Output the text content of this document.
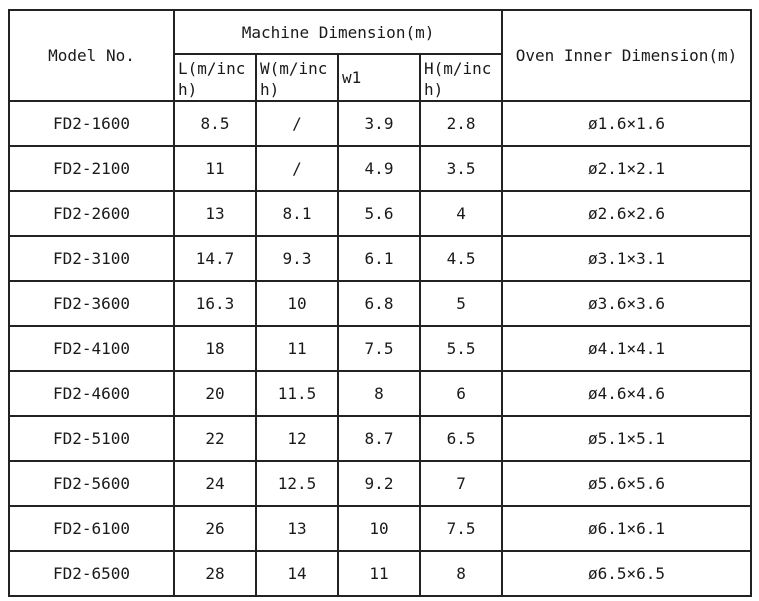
Model No.	Machine Dimension(m)				Oven Inner Dimension(m)
	L(m/inch)	W(m/inch)	w1	H(m/inch)	
FD2-1600	8.5	/	3.9	2.8	ø1.6×1.6
FD2-2100	11	/	4.9	3.5	ø2.1×2.1
FD2-2600	13	8.1	5.6	4	ø2.6×2.6
FD2-3100	14.7	9.3	6.1	4.5	ø3.1×3.1
FD2-3600	16.3	10	6.8	5	ø3.6×3.6
FD2-4100	18	11	7.5	5.5	ø4.1×4.1
FD2-4600	20	11.5	8	6	ø4.6×4.6
FD2-5100	22	12	8.7	6.5	ø5.1×5.1
FD2-5600	24	12.5	9.2	7	ø5.6×5.6
FD2-6100	26	13	10	7.5	ø6.1×6.1
FD2-6500	28	14	11	8	ø6.5×6.5
